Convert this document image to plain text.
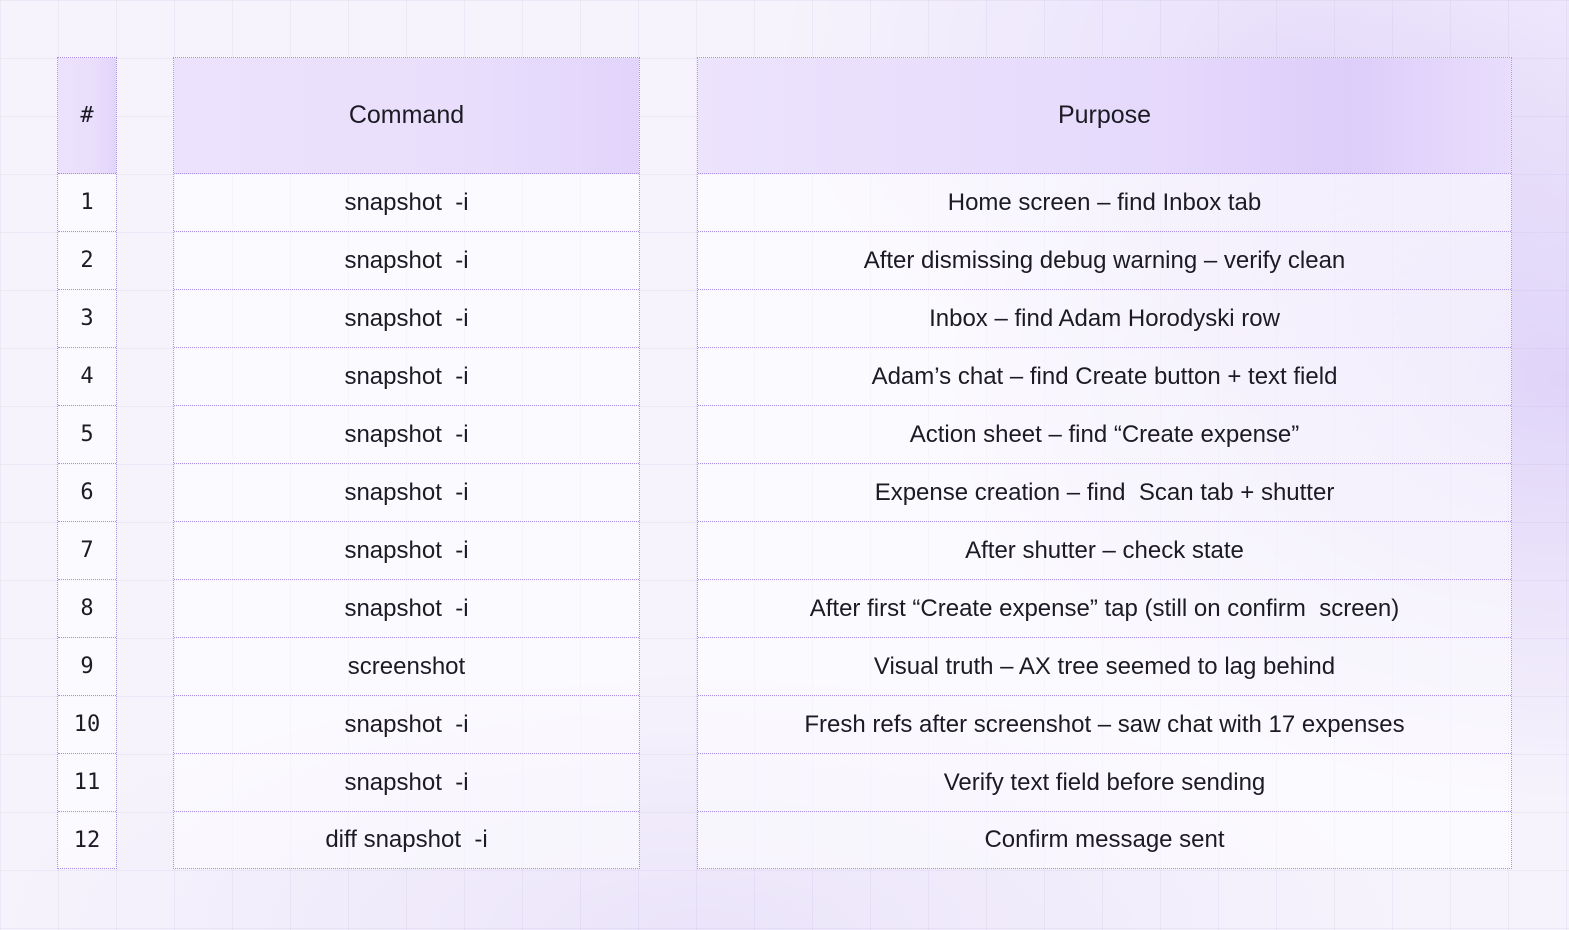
#
1
2
3
4
5
6
7
8
9
10
11
12
Command
snapshot  -i
snapshot  -i
snapshot  -i
snapshot  -i
snapshot  -i
snapshot  -i
snapshot  -i
snapshot  -i
screenshot
snapshot  -i
snapshot  -i
diff snapshot  -i
Purpose
Home screen – find Inbox tab
After dismissing debug warning – verify clean
Inbox – find Adam Horodyski row
Adam’s chat – find Create button + text field
Action sheet – find “Create expense”
Expense creation – find  Scan tab + shutter
After shutter – check state
After first “Create expense” tap (still on confirm  screen)
Visual truth – AX tree seemed to lag behind
Fresh refs after screenshot – saw chat with 17 expenses
Verify text field before sending
Confirm message sent
